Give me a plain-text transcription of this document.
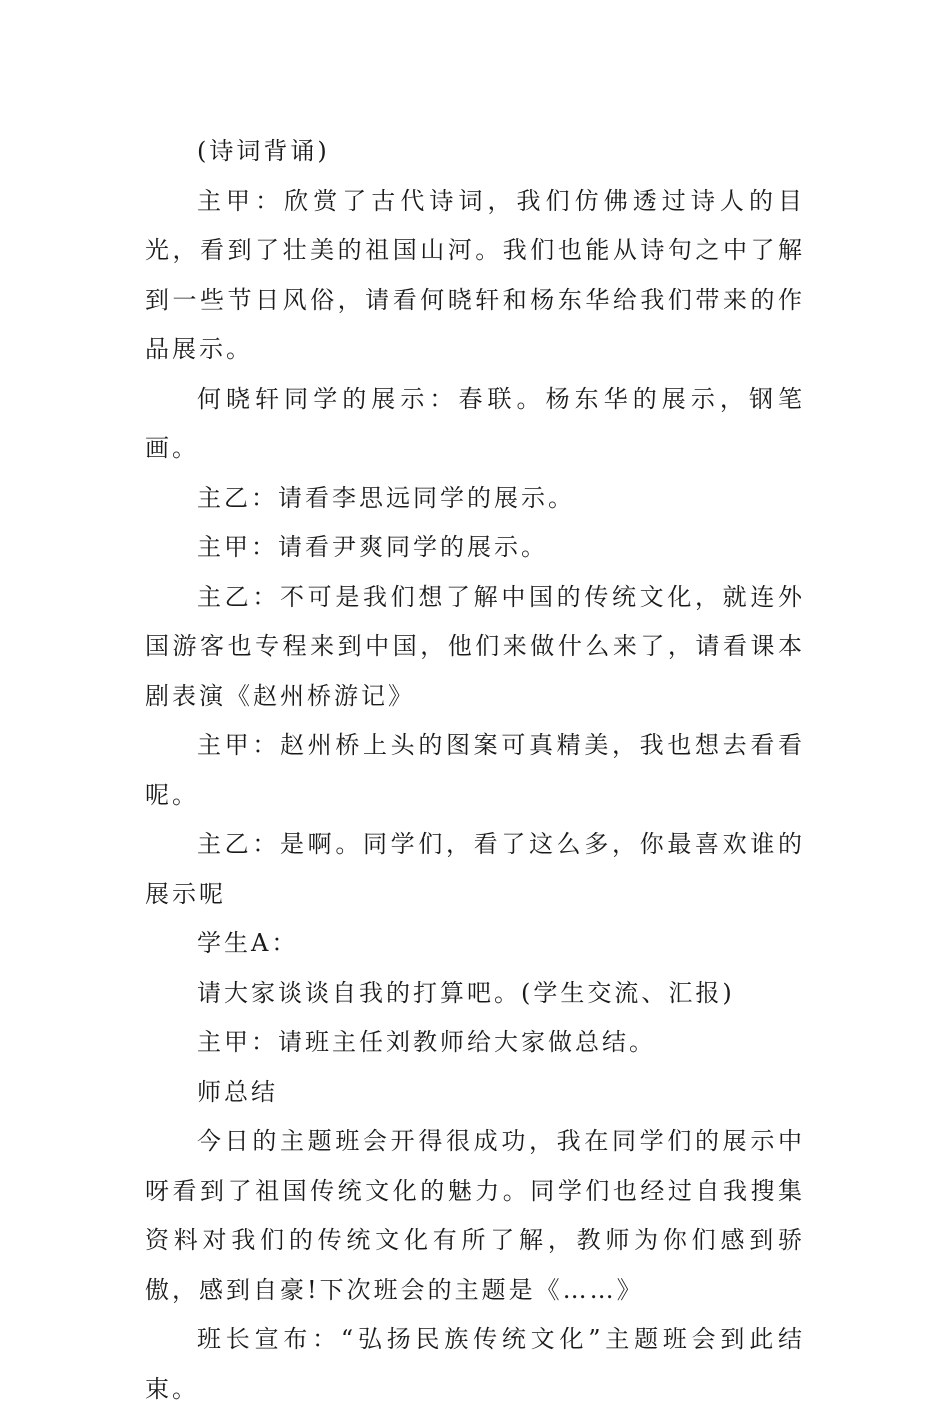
(诗词背诵)

主甲：欣赏了古代诗词，我们仿佛透过诗人的目光，看到了壮美的祖国山河。我们也能从诗句之中了解到一些节日风俗，请看何晓轩和杨东华给我们带来的作品展示。

何晓轩同学的展示：春联。杨东华的展示，钢笔画。

主乙：请看李思远同学的展示。

主甲：请看尹爽同学的展示。

主乙：不可是我们想了解中国的传统文化，就连外国游客也专程来到中国，他们来做什么来了，请看课本剧表演《赵州桥游记》

主甲：赵州桥上头的图案可真精美，我也想去看看呢。

主乙：是啊。同学们，看了这么多，你最喜欢谁的展示呢

学生A：

请大家谈谈自我的打算吧。(学生交流、汇报)

主甲：请班主任刘教师给大家做总结。

师总结

今日的主题班会开得很成功，我在同学们的展示中呀看到了祖国传统文化的魅力。同学们也经过自我搜集资料对我们的传统文化有所了解，教师为你们感到骄傲，感到自豪!下次班会的主题是《……》

班长宣布：“弘扬民族传统文化”主题班会到此结束。
